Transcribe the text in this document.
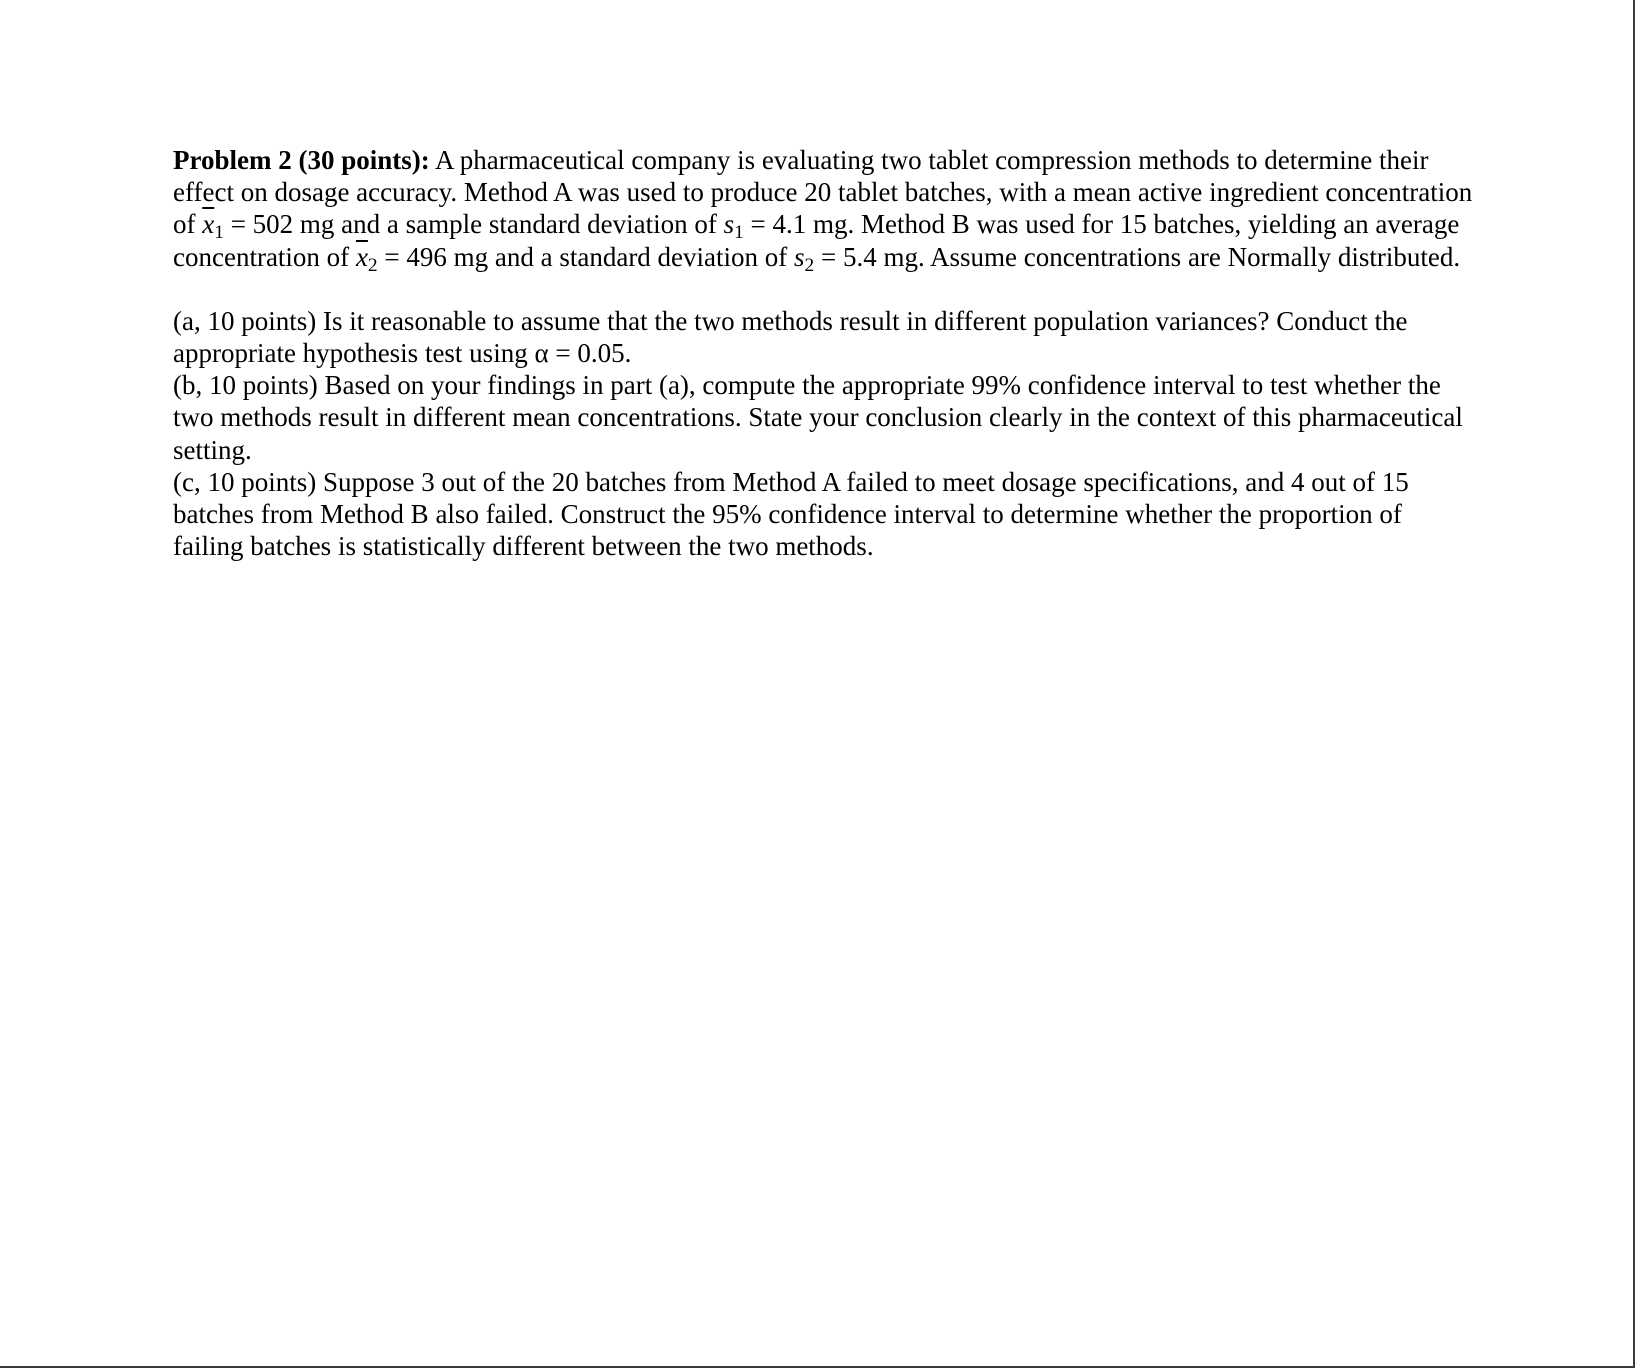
Problem 2 (30 points): A pharmaceutical company is evaluating two tablet compression methods to determine their effect on dosage accuracy. Method A was used to produce 20 tablet batches, with a mean active ingredient concentration of $\overline{x}_1 = 502$ mg and a sample standard deviation of $s_1 = 4.1$ mg. Method B was used for 15 batches, yielding an average concentration of $\overline{x}_2 = 496$ mg and a standard deviation of $s_2 = 5.4$ mg. Assume concentrations are Normally distributed.

(a, 10 points) Is it reasonable to assume that the two methods result in different population variances? Conduct the appropriate hypothesis test using α = 0.05.

(b, 10 points) Based on your findings in part (a), compute the appropriate 99% confidence interval to test whether the two methods result in different mean concentrations. State your conclusion clearly in the context of this pharmaceutical setting.

(c, 10 points) Suppose 3 out of the 20 batches from Method A failed to meet dosage specifications, and 4 out of 15 batches from Method B also failed. Construct the 95% confidence interval to determine whether the proportion of failing batches is statistically different between the two methods.
